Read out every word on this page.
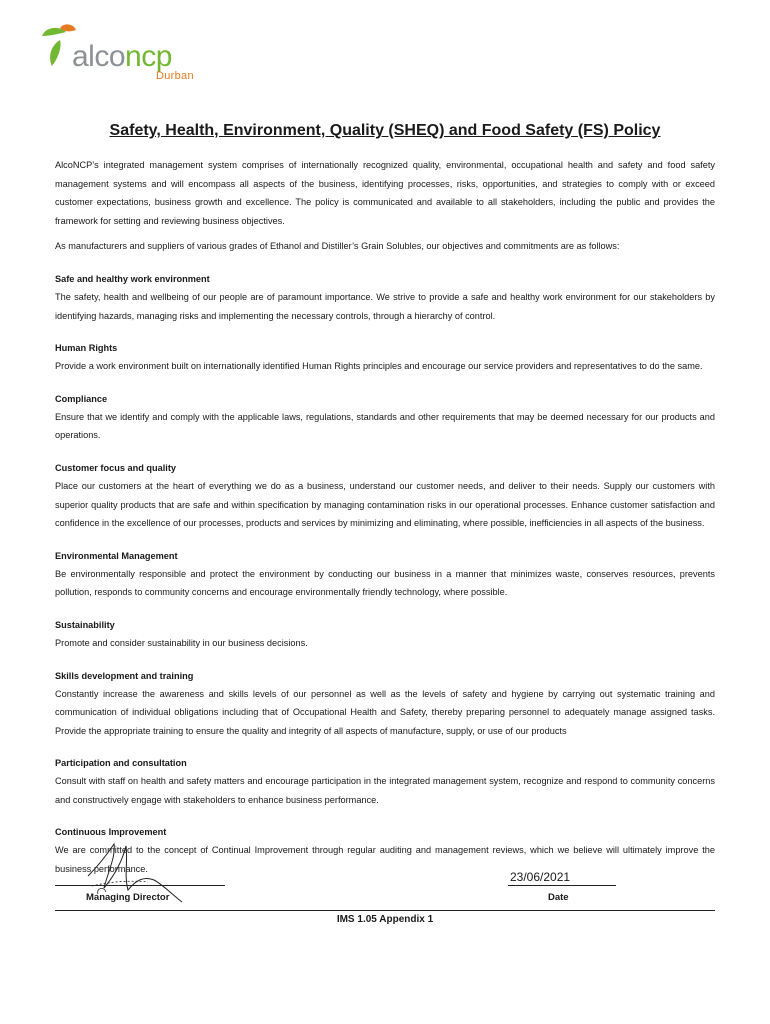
alconcp
Durban
Safety, Health, Environment, Quality (SHEQ) and Food Safety (FS) Policy

AlcoNCP’s integrated management system comprises of internationally recognized quality, environmental, occupational health and safety and food safety management systems and will encompass all aspects of the business, identifying processes, risks, opportunities, and strategies to comply with or exceed customer expectations, business growth and excellence. The policy is communicated and available to all stakeholders, including the public and provides the framework for setting and reviewing business objectives.

As manufacturers and suppliers of various grades of Ethanol and Distiller’s Grain Solubles, our objectives and commitments are as follows:

Safe and healthy work environment

The safety, health and wellbeing of our people are of paramount importance. We strive to provide a safe and healthy work environment for our stakeholders by identifying hazards, managing risks and implementing the necessary controls, through a hierarchy of control.

Human Rights

Provide a work environment built on internationally identified Human Rights principles and encourage our service providers and representatives to do the same.

Compliance

Ensure that we identify and comply with the applicable laws, regulations, standards and other requirements that may be deemed necessary for our products and operations.

Customer focus and quality

Place our customers at the heart of everything we do as a business, understand our customer needs, and deliver to their needs. Supply our customers with superior quality products that are safe and within specification by managing contamination risks in our operational processes. Enhance customer satisfaction and confidence in the excellence of our processes, products and services by minimizing and eliminating, where possible, inefficiencies in all aspects of the business.

Environmental Management

Be environmentally responsible and protect the environment by conducting our business in a manner that minimizes waste, conserves resources, prevents pollution, responds to community concerns and encourage environmentally friendly technology, where possible.

Sustainability

Promote and consider sustainability in our business decisions.

Skills development and training

Constantly increase the awareness and skills levels of our personnel as well as the levels of safety and hygiene by carrying out systematic training and communication of individual obligations including that of Occupational Health and Safety, thereby preparing personnel to adequately manage assigned tasks. Provide the appropriate training to ensure the quality and integrity of all aspects of manufacture, supply, or use of our products

Participation and consultation

Consult with staff on health and safety matters and encourage participation in the integrated management system, recognize and respond to community concerns and constructively engage with stakeholders to enhance business performance.

Continuous Improvement

We are committed to the concept of Continual Improvement through regular auditing and management reviews, which we believe will ultimately improve the business performance.

23/06/2021
Managing Director	Date
IMS 1.05 Appendix 1
